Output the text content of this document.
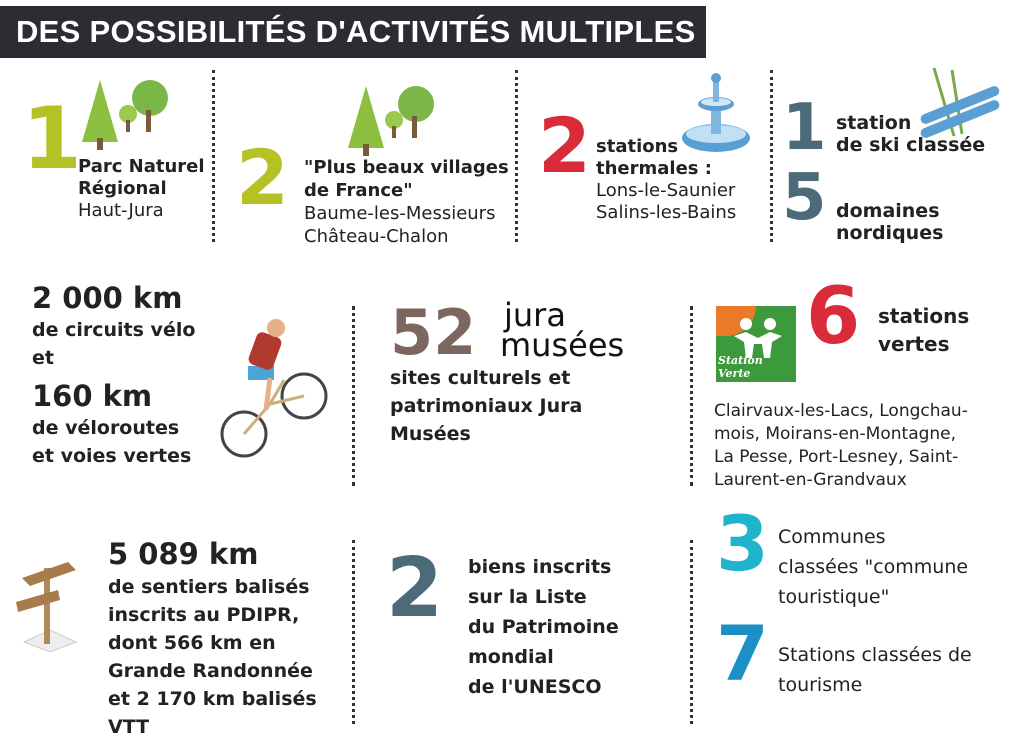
DES POSSIBILITÉS D'ACTIVITÉS MULTIPLES
1
Parc Naturel
Régional
Haut-Jura 2 "Plus beaux villages
de France"
Baume-les-Messieurs
Château-Chalon
2 stations
thermales :
Lons-le-Saunier
Salins-les-Bains
1
5
station
de ski classée
domaines
nordiques
2 000 km
de circuits vélo
et
160 km
de véloroutes
et voies vertes
52 jura
musées
sites culturels et
patrimoniaux Jura
Musées
Station Verte
6 stations
vertes
Clairvaux-les-Lacs, Longchau-
mois, Moirans-en-Montagne,
La Pesse, Port-Lesney, Saint-
Laurent-en-Grandvaux
5 089 km
de sentiers balisés
inscrits au PDIPR,
dont 566 km en
Grande Randonnée
et 2 170 km balisés
VTT
2 biens inscrits
sur la Liste
du Patrimoine
mondial
de l'UNESCO
3 Communes
classées "commune
touristique"
7 Stations classées de
tourisme
